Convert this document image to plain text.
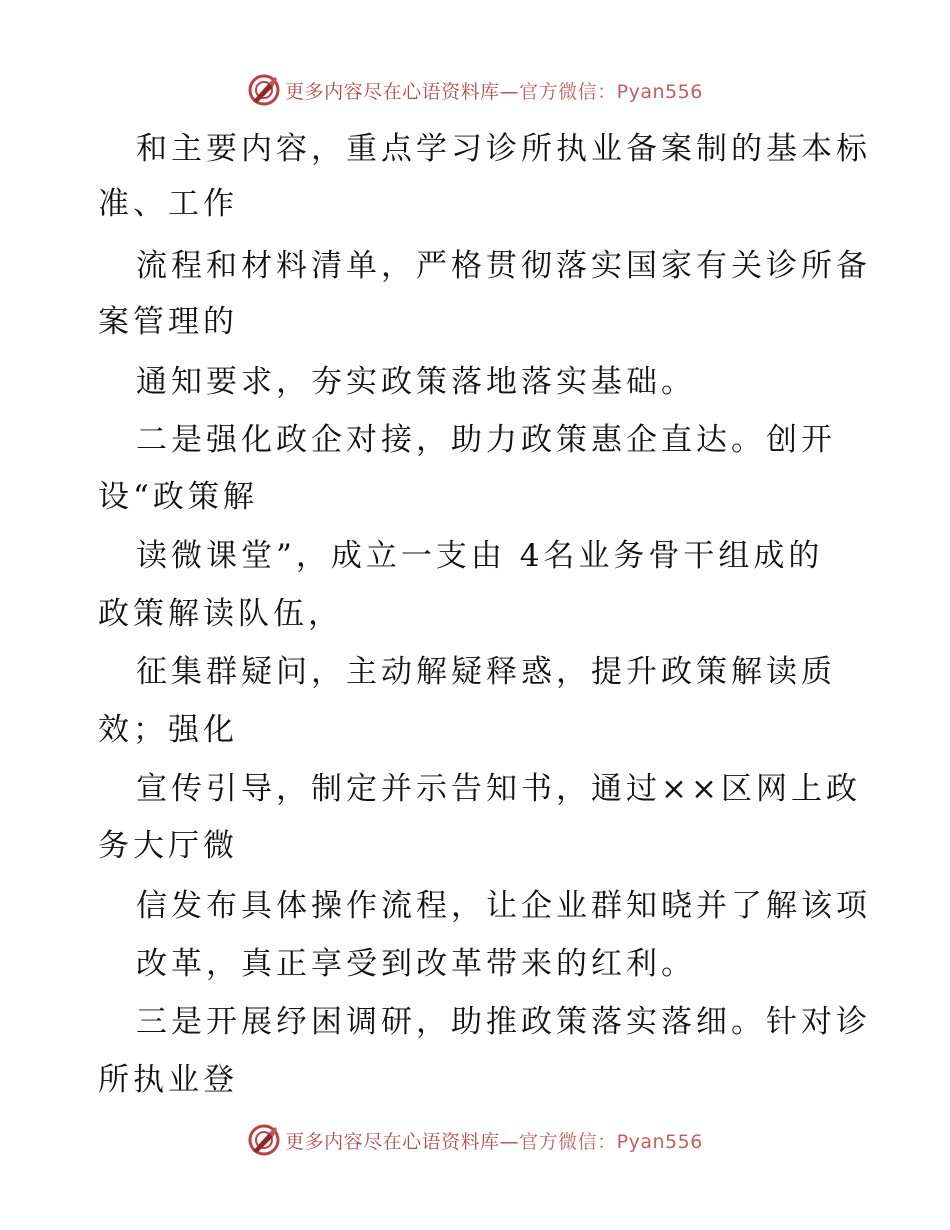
更多内容尽在心语资料库—官方微信：Pyan556
和主要内容，重点学习诊所执业备案制的基本标
准、工作
流程和材料清单，严格贯彻落实国家有关诊所备
案管理的
通知要求，夯实政策落地落实基础。
二是强化政企对接，助力政策惠企直达。创开
设“政策解
读微课堂”，成立一支由 4名业务骨干组成的
政策解读队伍，
征集群疑问，主动解疑释惑，提升政策解读质
效；强化
宣传引导，制定并示告知书，通过××区网上政
务大厅微
信发布具体操作流程，让企业群知晓并了解该项
改革，真正享受到改革带来的红利。
三是开展纾困调研，助推政策落实落细。针对诊
所执业登
更多内容尽在心语资料库—官方微信：Pyan556
